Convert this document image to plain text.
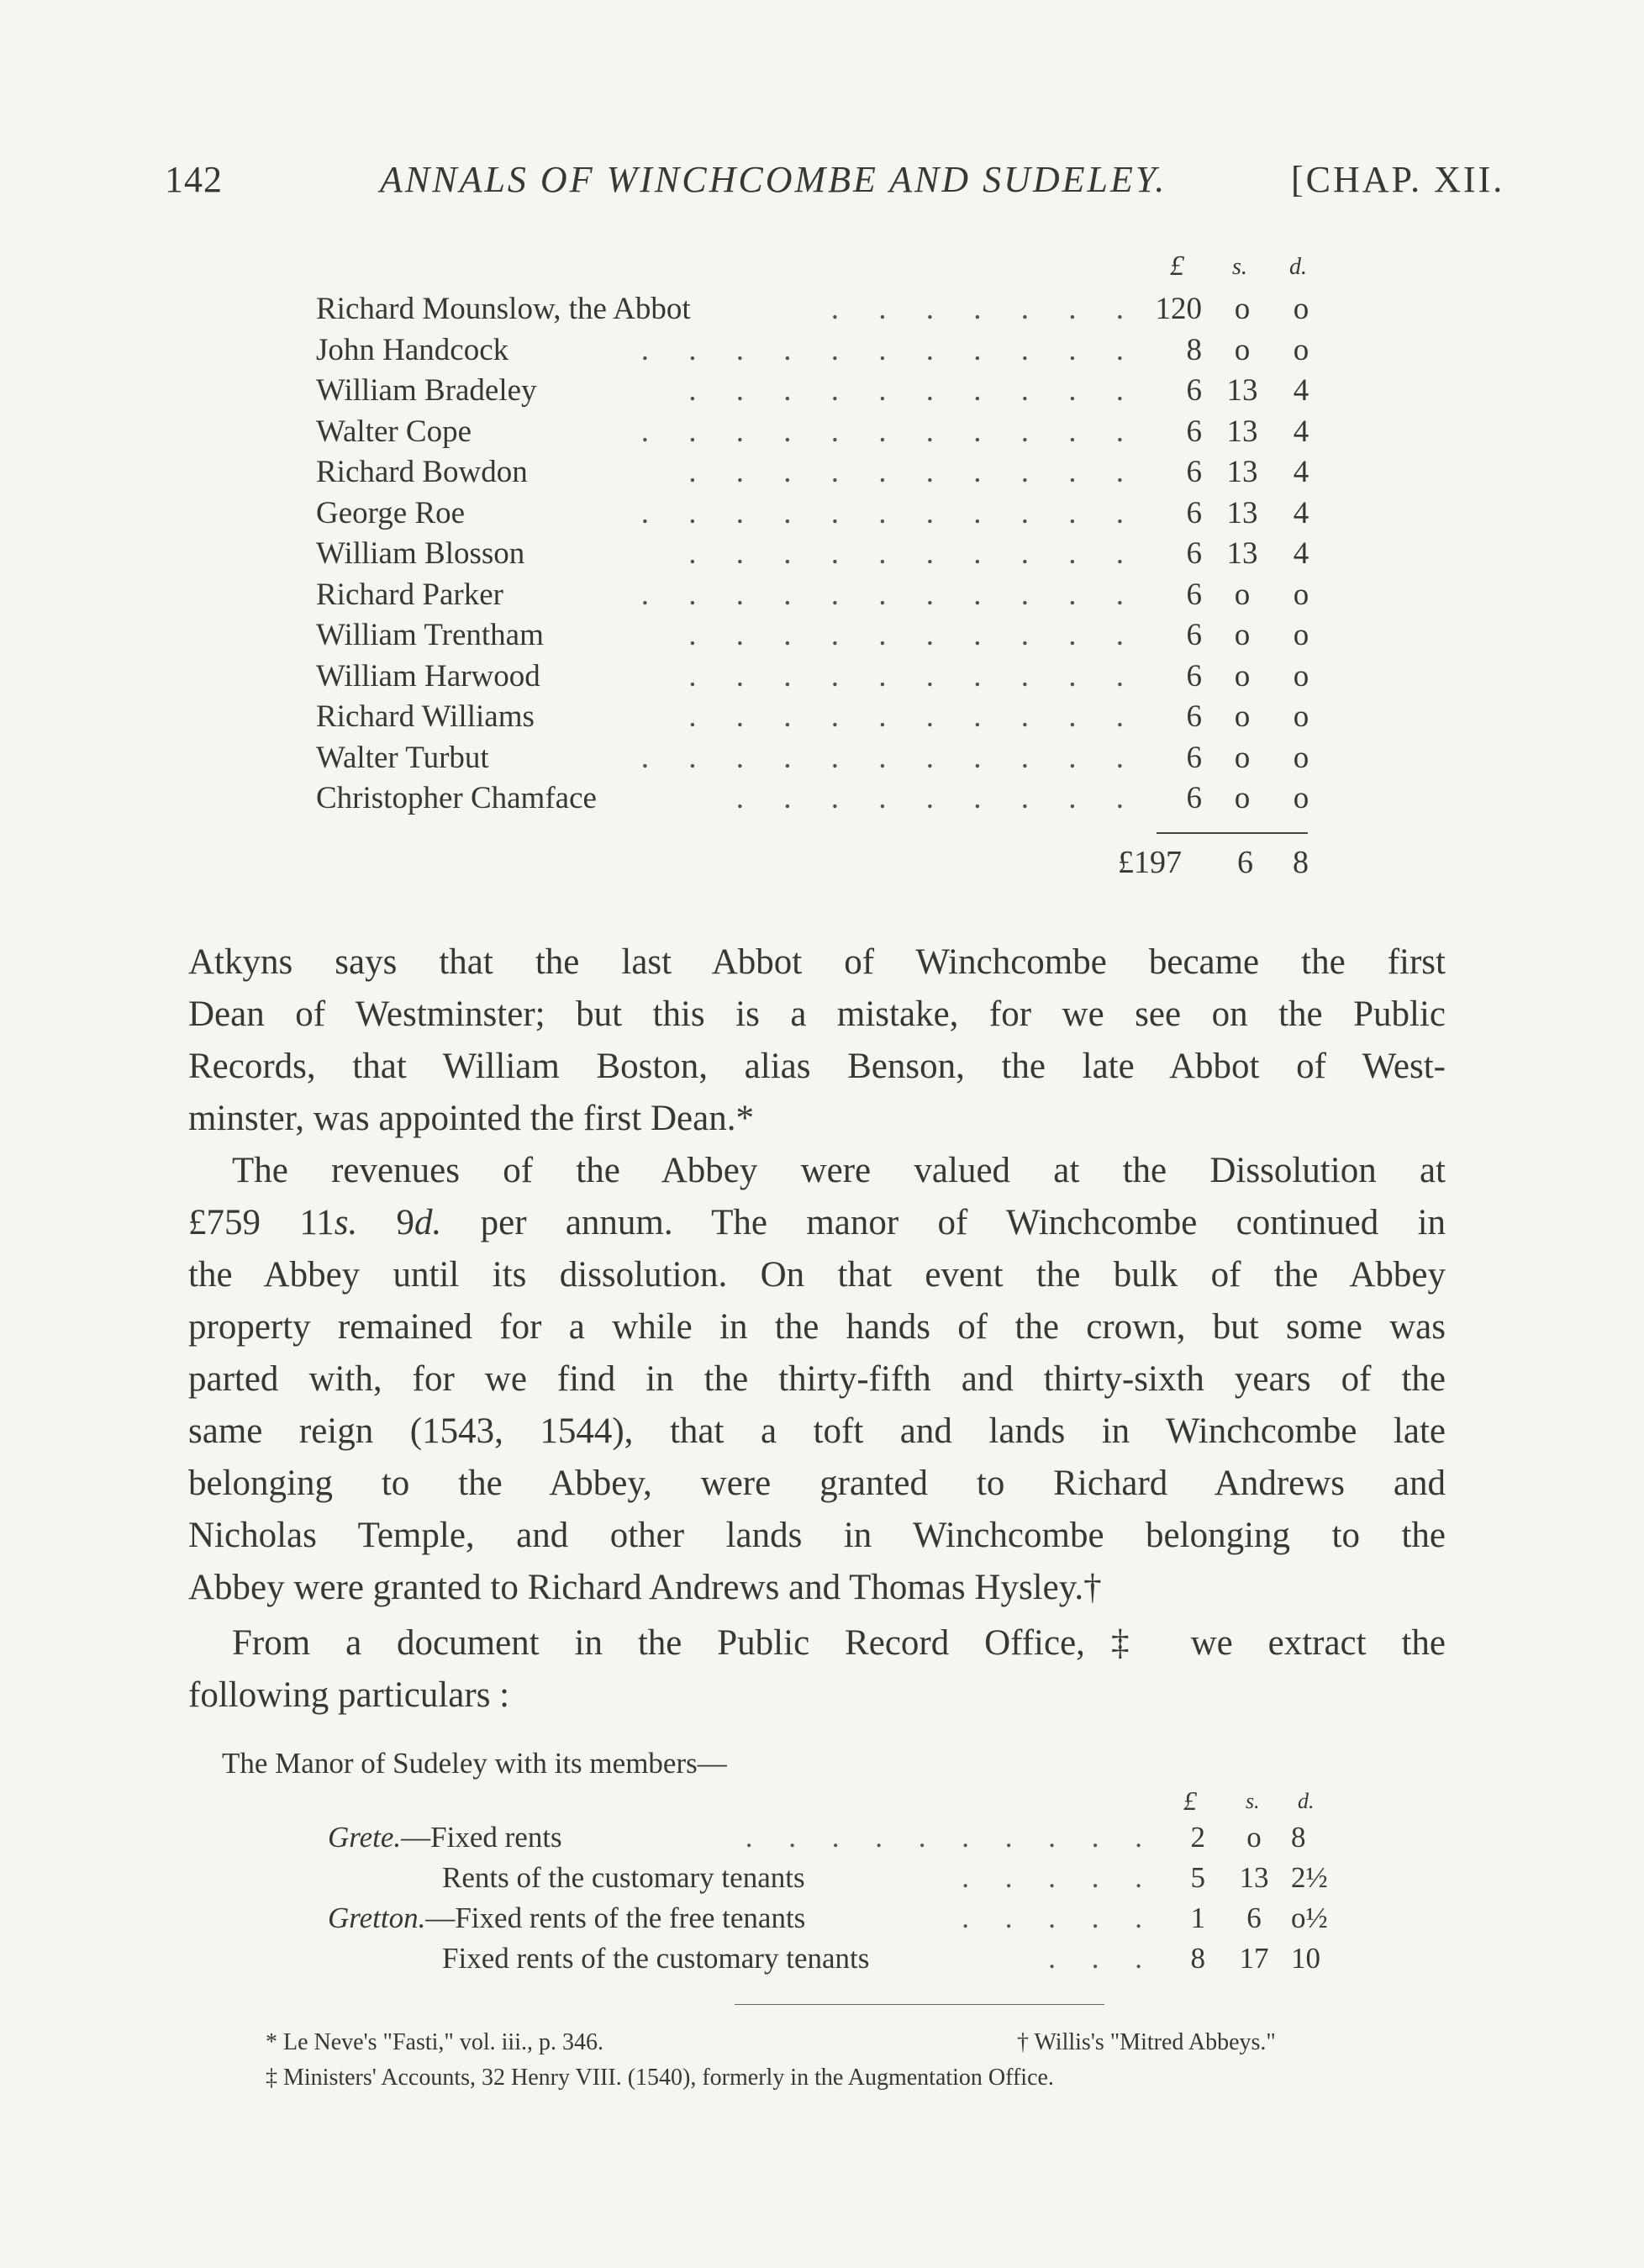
142	ANNALS OF WINCHCOMBE AND SUDELEY.	[CHAP. XII.
£ s. d.
Richard Mounslow, the Abbot	. . . . . . . 120	o	o
John Handcock	. . . . . . . . . . .	8	o	o
William Bradeley	. . . . . . . . . .	6 13	4
Walter Cope	. . . . . . . . . . .	6 13	4
Richard Bowdon	. . . . . . . . . .	6 13	4
George Roe	. . . . . . . . . . .	6 13	4
William Blosson	. . . . . . . . . .	6 13	4
Richard Parker	. . . . . . . . . . .	6	o	o
William Trentham	. . . . . . . . . .	6	o	o
William Harwood	. . . . . . . . . .	6	o	o
Richard Williams	. . . . . . . . . .	6	o	o
Walter Turbut	. . . . . . . . . . .	6	o	o
Christopher Chamface	. . . . . . . . .	6	o	o
£197 6 8
Atkyns says that the last Abbot of Winchcombe became the first
Dean of Westminster; but this is a mistake, for we see on the Public
Records, that William Boston, alias Benson, the late Abbot of West-
minster, was appointed the first Dean.*
The revenues of the Abbey were valued at the Dissolution at
£759 11s. 9d. per annum. The manor of Winchcombe continued in
the Abbey until its dissolution. On that event the bulk of the Abbey
property remained for a while in the hands of the crown, but some was
parted with, for we find in the thirty-fifth and thirty-sixth years of the
same reign (1543, 1544), that a toft and lands in Winchcombe late
belonging to the Abbey, were granted to Richard Andrews and
Nicholas Temple, and other lands in Winchcombe belonging to the
Abbey were granted to Richard Andrews and Thomas Hysley.†
From a document in the Public Record Office,‡ we extract the
following particulars :
The Manor of Sudeley with its members—
£ s. d.
Grete.—Fixed rents	. . . . . . . . . .	2	o	8
Rents of the customary tenants	. . . . .	5	13 2½
Gretton.—Fixed rents of the free tenants	. . . . .	1	6	o½
Fixed rents of the customary tenants	. . .	8	17 10
* Le Neve's "Fasti," vol. iii., p. 346.	† Willis's "Mitred Abbeys."
‡ Ministers' Accounts, 32 Henry VIII. (1540), formerly in the Augmentation Office.
